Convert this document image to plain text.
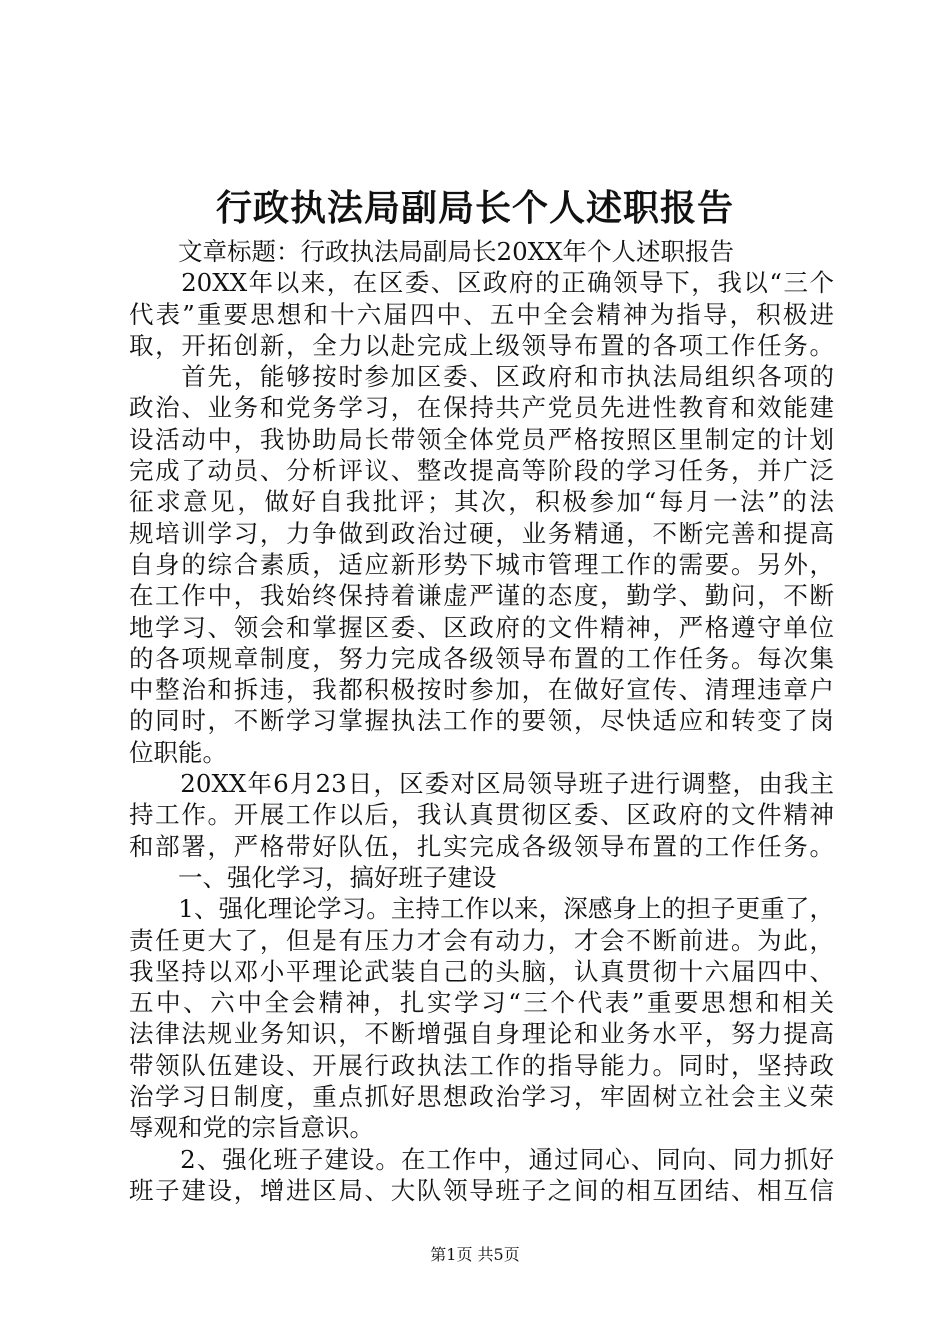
行政执法局副局长个人述职报告
　　文章标题：行政执法局副局长20XX年个人述职报告
　　20XX年以来，在区委、区政府的正确领导下，我以“三个
代表”重要思想和十六届四中、五中全会精神为指导，积极进
取，开拓创新，全力以赴完成上级领导布置的各项工作任务。
　　首先，能够按时参加区委、区政府和市执法局组织各项的
政治、业务和党务学习，在保持共产党员先进性教育和效能建
设活动中，我协助局长带领全体党员严格按照区里制定的计划
完成了动员、分析评议、整改提高等阶段的学习任务，并广泛
征求意见，做好自我批评；其次，积极参加“每月一法”的法
规培训学习，力争做到政治过硬，业务精通，不断完善和提高
自身的综合素质，适应新形势下城市管理工作的需要。另外，
在工作中，我始终保持着谦虚严谨的态度，勤学、勤问，不断
地学习、领会和掌握区委、区政府的文件精神，严格遵守单位
的各项规章制度，努力完成各级领导布置的工作任务。每次集
中整治和拆违，我都积极按时参加，在做好宣传、清理违章户
的同时，不断学习掌握执法工作的要领，尽快适应和转变了岗
位职能。
　　20XX年6月23日，区委对区局领导班子进行调整，由我主
持工作。开展工作以后，我认真贯彻区委、区政府的文件精神
和部署，严格带好队伍，扎实完成各级领导布置的工作任务。
　　一、强化学习，搞好班子建设
　　1、强化理论学习。主持工作以来，深感身上的担子更重了，
责任更大了，但是有压力才会有动力，才会不断前进。为此，
我坚持以邓小平理论武装自己的头脑，认真贯彻十六届四中、
五中、六中全会精神，扎实学习“三个代表”重要思想和相关
法律法规业务知识，不断增强自身理论和业务水平，努力提高
带领队伍建设、开展行政执法工作的指导能力。同时，坚持政
治学习日制度，重点抓好思想政治学习，牢固树立社会主义荣
辱观和党的宗旨意识。
　　2、强化班子建设。在工作中，通过同心、同向、同力抓好
班子建设，增进区局、大队领导班子之间的相互团结、相互信
第1页 共5页
